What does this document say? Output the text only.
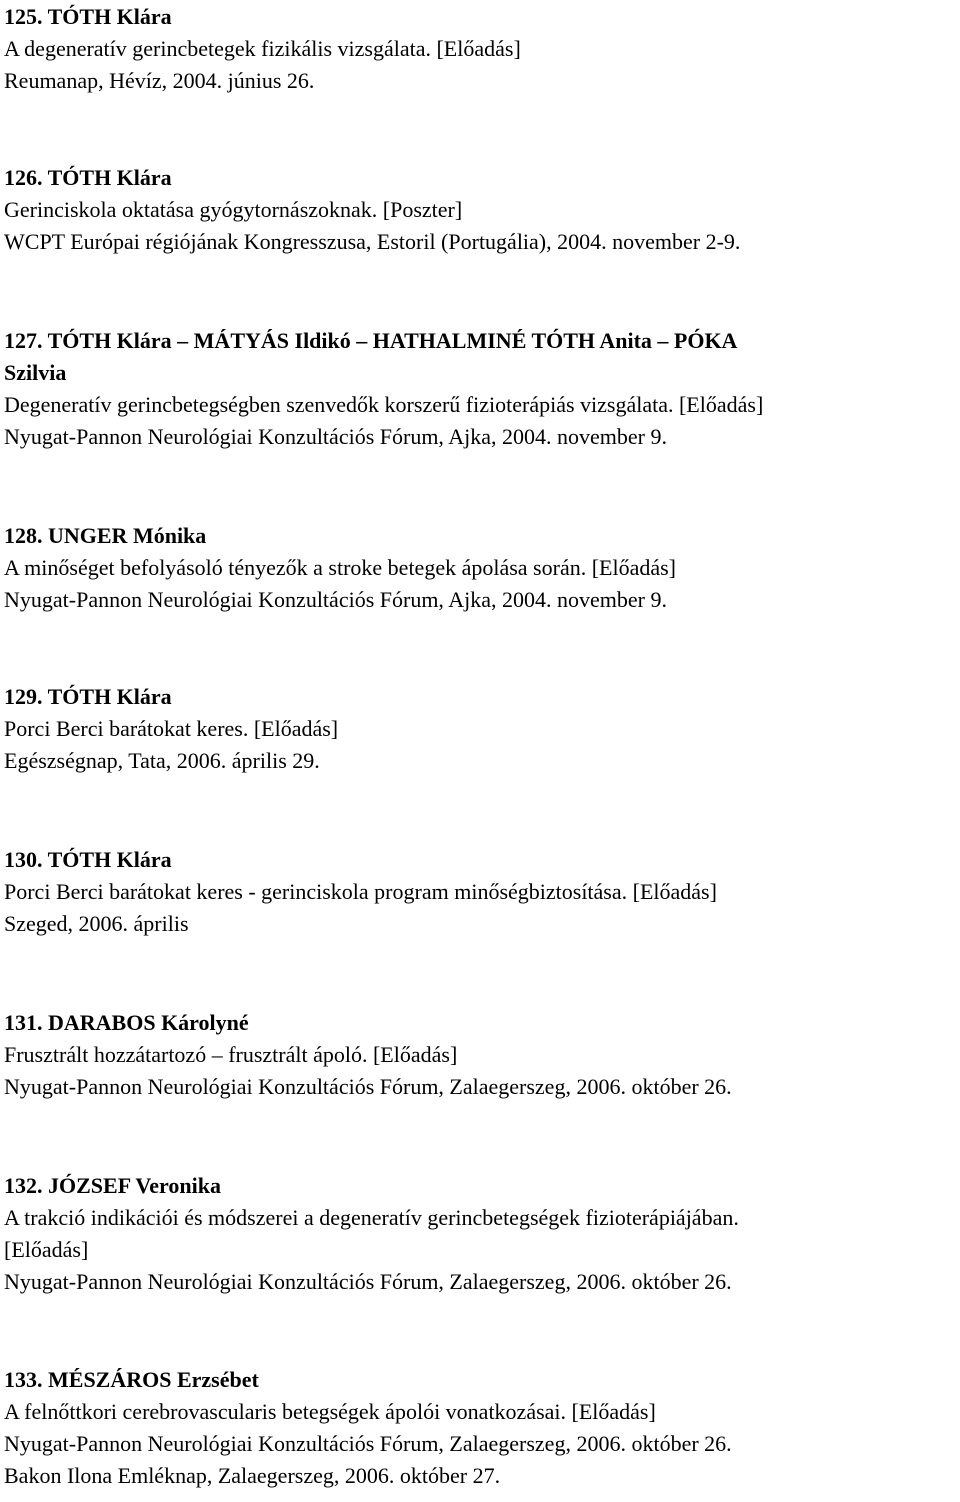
125. TÓTH Klára
A degeneratív gerincbetegek fizikális vizsgálata. [Előadás]
Reumanap, Hévíz, 2004. június 26.
126. TÓTH Klára
Gerinciskola oktatása gyógytornászoknak. [Poszter]
WCPT Európai régiójának Kongresszusa, Estoril (Portugália), 2004. november 2-9.
127. TÓTH Klára – MÁTYÁS Ildikó – HATHALMINÉ TÓTH Anita – PÓKA
Szilvia
Degeneratív gerincbetegségben szenvedők korszerű fizioterápiás vizsgálata. [Előadás]
Nyugat-Pannon Neurológiai Konzultációs Fórum, Ajka, 2004. november 9.
128. UNGER Mónika
A minőséget befolyásoló tényezők a stroke betegek ápolása során. [Előadás]
Nyugat-Pannon Neurológiai Konzultációs Fórum, Ajka, 2004. november 9.
129. TÓTH Klára
Porci Berci barátokat keres. [Előadás]
Egészségnap, Tata, 2006. április 29.
130. TÓTH Klára
Porci Berci barátokat keres - gerinciskola program minőségbiztosítása. [Előadás]
Szeged, 2006. április
131. DARABOS Károlyné
Frusztrált hozzátartozó – frusztrált ápoló. [Előadás]
Nyugat-Pannon Neurológiai Konzultációs Fórum, Zalaegerszeg, 2006. október 26.
132. JÓZSEF Veronika
A trakció indikációi és módszerei a degeneratív gerincbetegségek fizioterápiájában.
[Előadás]
Nyugat-Pannon Neurológiai Konzultációs Fórum, Zalaegerszeg, 2006. október 26.
133. MÉSZÁROS Erzsébet
A felnőttkori cerebrovascularis betegségek ápolói vonatkozásai. [Előadás]
Nyugat-Pannon Neurológiai Konzultációs Fórum, Zalaegerszeg, 2006. október 26.
Bakon Ilona Emléknap, Zalaegerszeg, 2006. október 27.
